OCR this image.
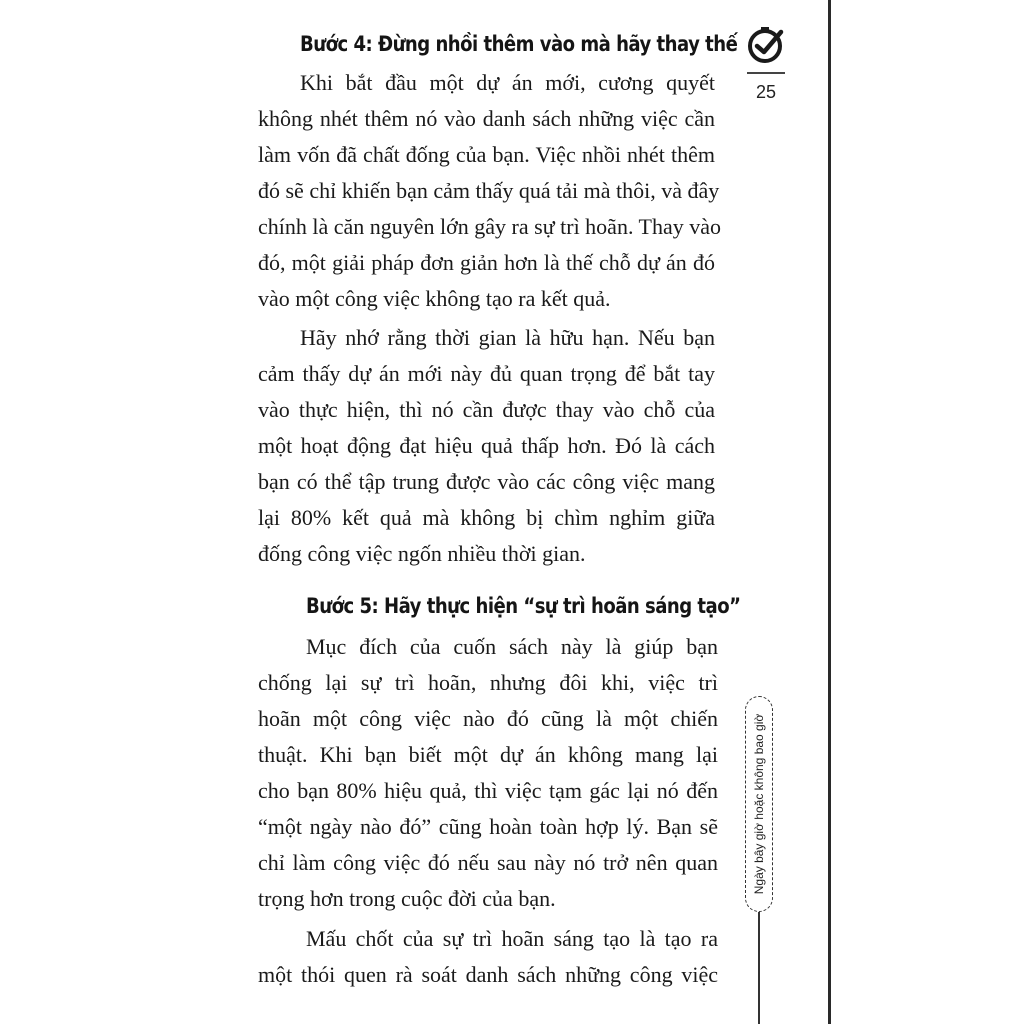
Bước 4: Đừng nhồi thêm vào mà hãy thay thế
Khi bắt đầu một dự án mới, cương quyết
không nhét thêm nó vào danh sách những việc cần
làm vốn đã chất đống của bạn. Việc nhồi nhét thêm
đó sẽ chỉ khiến bạn cảm thấy quá tải mà thôi, và đây
chính là căn nguyên lớn gây ra sự trì hoãn. Thay vào
đó, một giải pháp đơn giản hơn là thế chỗ dự án đó
vào một công việc không tạo ra kết quả.
Hãy nhớ rằng thời gian là hữu hạn. Nếu bạn
cảm thấy dự án mới này đủ quan trọng để bắt tay
vào thực hiện, thì nó cần được thay vào chỗ của
một hoạt động đạt hiệu quả thấp hơn. Đó là cách
bạn có thể tập trung được vào các công việc mang
lại 80% kết quả mà không bị chìm nghỉm giữa
đống công việc ngốn nhiều thời gian.
Bước 5: Hãy thực hiện “sự trì hoãn sáng tạo”
Mục đích của cuốn sách này là giúp bạn
chống lại sự trì hoãn, nhưng đôi khi, việc trì
hoãn một công việc nào đó cũng là một chiến
thuật. Khi bạn biết một dự án không mang lại
cho bạn 80% hiệu quả, thì việc tạm gác lại nó đến
“một ngày nào đó” cũng hoàn toàn hợp lý. Bạn sẽ
chỉ làm công việc đó nếu sau này nó trở nên quan
trọng hơn trong cuộc đời của bạn.
Mấu chốt của sự trì hoãn sáng tạo là tạo ra
một thói quen rà soát danh sách những công việc
25
Ngày bây giờ hoặc không bao giờ
